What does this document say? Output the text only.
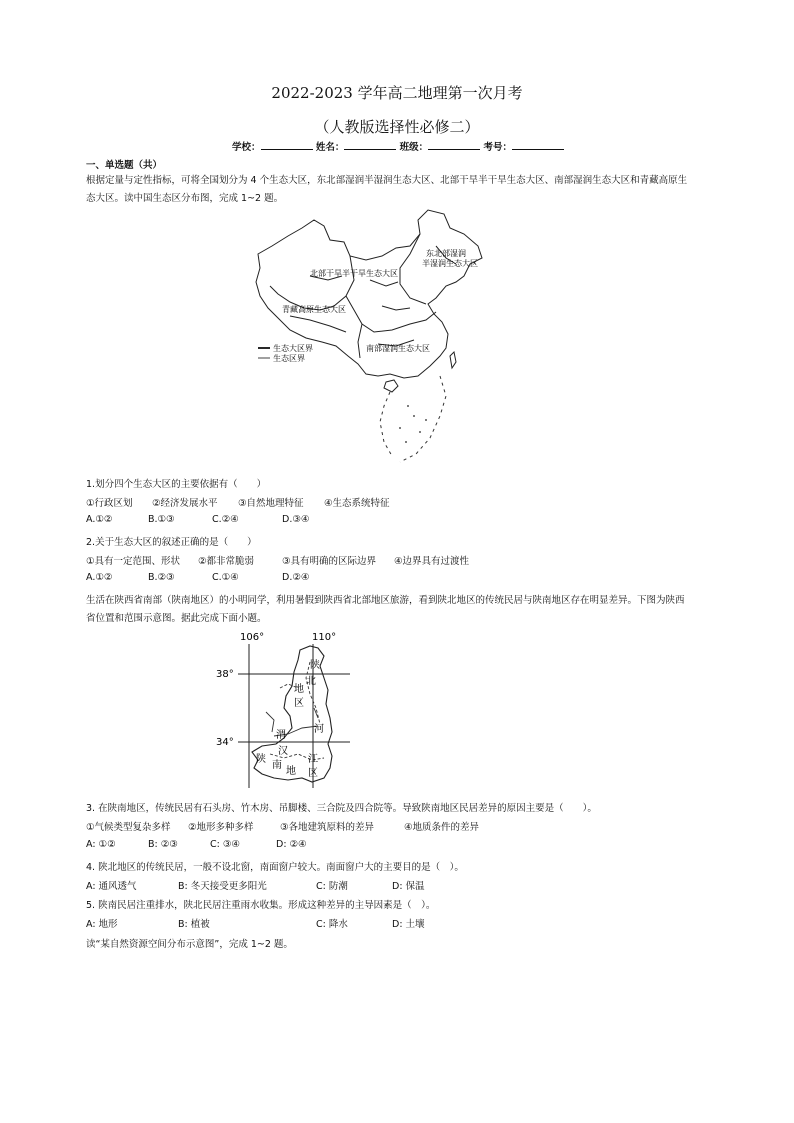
2022-2023 学年高二地理第一次月考
（人教版选择性必修二）
学校：	姓名：	班级：	考号：
一、单选题（共）
根据定量与定性指标，可将全国划分为 4 个生态大区，东北部湿润半湿润生态大区、北部干旱半干旱生态大区、南部湿润生态大区和青藏高原生
态大区。读中国生态区分布图，完成 1~2 题。
东北部湿润
半湿润生态大区
北部干旱半干旱生态大区
青藏高原生态大区
南部湿润生态大区
生态大区界
生态区界
1.划分四个生态大区的主要依据有（　　）
①行政区划 ②经济发展水平 ③自然地理特征 ④生态系统特征
A.①②	B.①③	C.②④	D.③④
2.关于生态大区的叙述正确的是（　　）
①具有一定范围、形状 ②都非常脆弱	③具有明确的区际边界 ④边界具有过渡性
A.①②	B.②③	C.①④	D.②④
生活在陕西省南部（陕南地区）的小明同学，利用暑假到陕西省北部地区旅游，看到陕北地区的传统民居与陕南地区存在明显差异。下图为陕西
省位置和范围示意图。据此完成下面小题。
106°	110°
38°
34°
陕
北
地
区
渭
河
陕
汉
南
江
地 区
3. 在陕南地区，传统民居有石头房、竹木房、吊脚楼、三合院及四合院等。导致陕南地区民居差异的原因主要是（　　）。
①气候类型复杂多样 ②地形多种多样	③各地建筑原料的差异	④地质条件的差异
A: ①②	B: ②③	C: ③④	D: ②④
4. 陕北地区的传统民居，一般不设北窗，南面窗户较大。南面窗户大的主要目的是（　）。
A: 通风透气	B: 冬天接受更多阳光	C: 防潮	D: 保温
5. 陕南民居注重排水，陕北民居注重雨水收集。形成这种差异的主导因素是（　）。
A: 地形	B: 植被	C: 降水	D: 土壤
读“某自然资源空间分布示意图”，完成 1~2 题。
